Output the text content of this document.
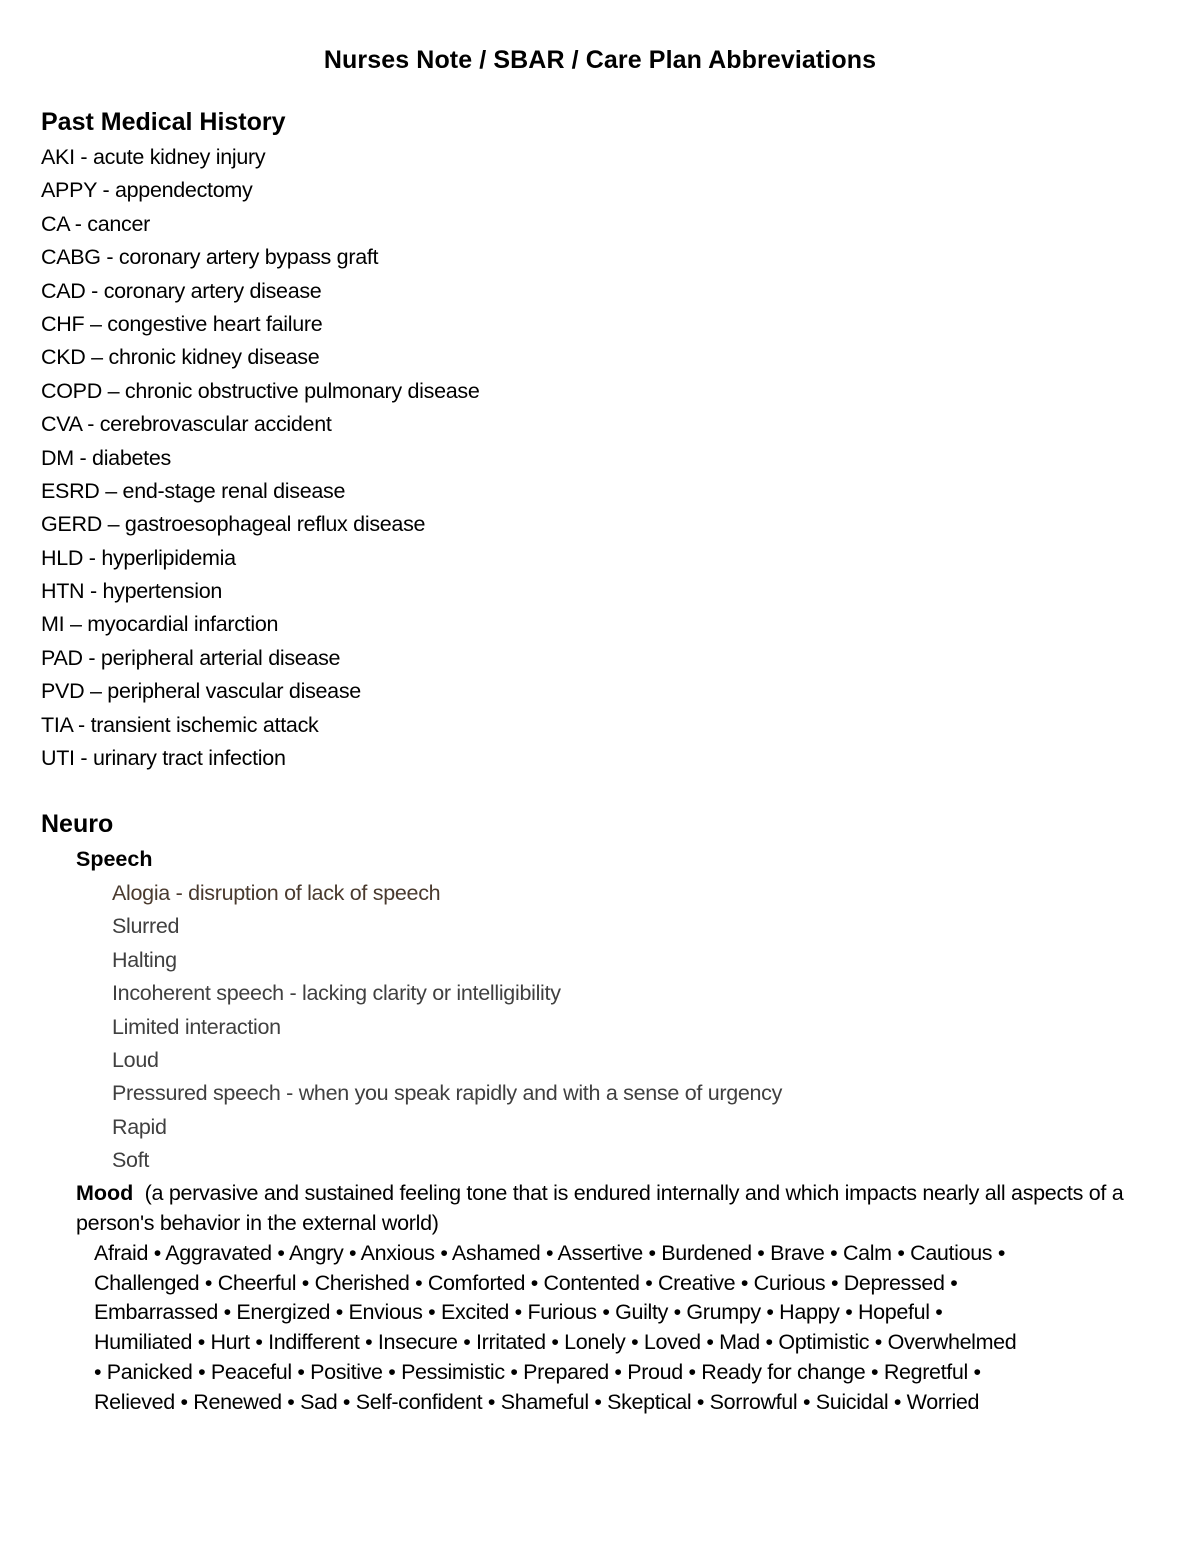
Nurses Note / SBAR / Care Plan Abbreviations
Past Medical History
AKI - acute kidney injury
APPY - appendectomy
CA - cancer
CABG - coronary artery bypass graft
CAD - coronary artery disease
CHF – congestive heart failure
CKD – chronic kidney disease
COPD – chronic obstructive pulmonary disease
CVA - cerebrovascular accident
DM - diabetes
ESRD – end-stage renal disease
GERD – gastroesophageal reflux disease
HLD - hyperlipidemia
HTN - hypertension
MI – myocardial infarction
PAD - peripheral arterial disease
PVD – peripheral vascular disease
TIA - transient ischemic attack
UTI - urinary tract infection
Neuro
Speech
Alogia - disruption of lack of speech
Slurred
Halting
Incoherent speech - lacking clarity or intelligibility
Limited interaction
Loud
Pressured speech - when you speak rapidly and with a sense of urgency
Rapid
Soft
Mood (a pervasive and sustained feeling tone that is endured internally and which impacts nearly all aspects of a person's behavior in the external world)
Afraid • Aggravated • Angry • Anxious • Ashamed • Assertive • Burdened • Brave • Calm • Cautious •
Challenged • Cheerful • Cherished • Comforted • Contented • Creative • Curious • Depressed •
Embarrassed • Energized • Envious • Excited • Furious • Guilty • Grumpy • Happy • Hopeful •
Humiliated • Hurt • Indifferent • Insecure • Irritated • Lonely • Loved • Mad • Optimistic • Overwhelmed
• Panicked • Peaceful • Positive • Pessimistic • Prepared • Proud • Ready for change • Regretful •
Relieved • Renewed • Sad • Self-confident • Shameful • Skeptical • Sorrowful • Suicidal • Worried
